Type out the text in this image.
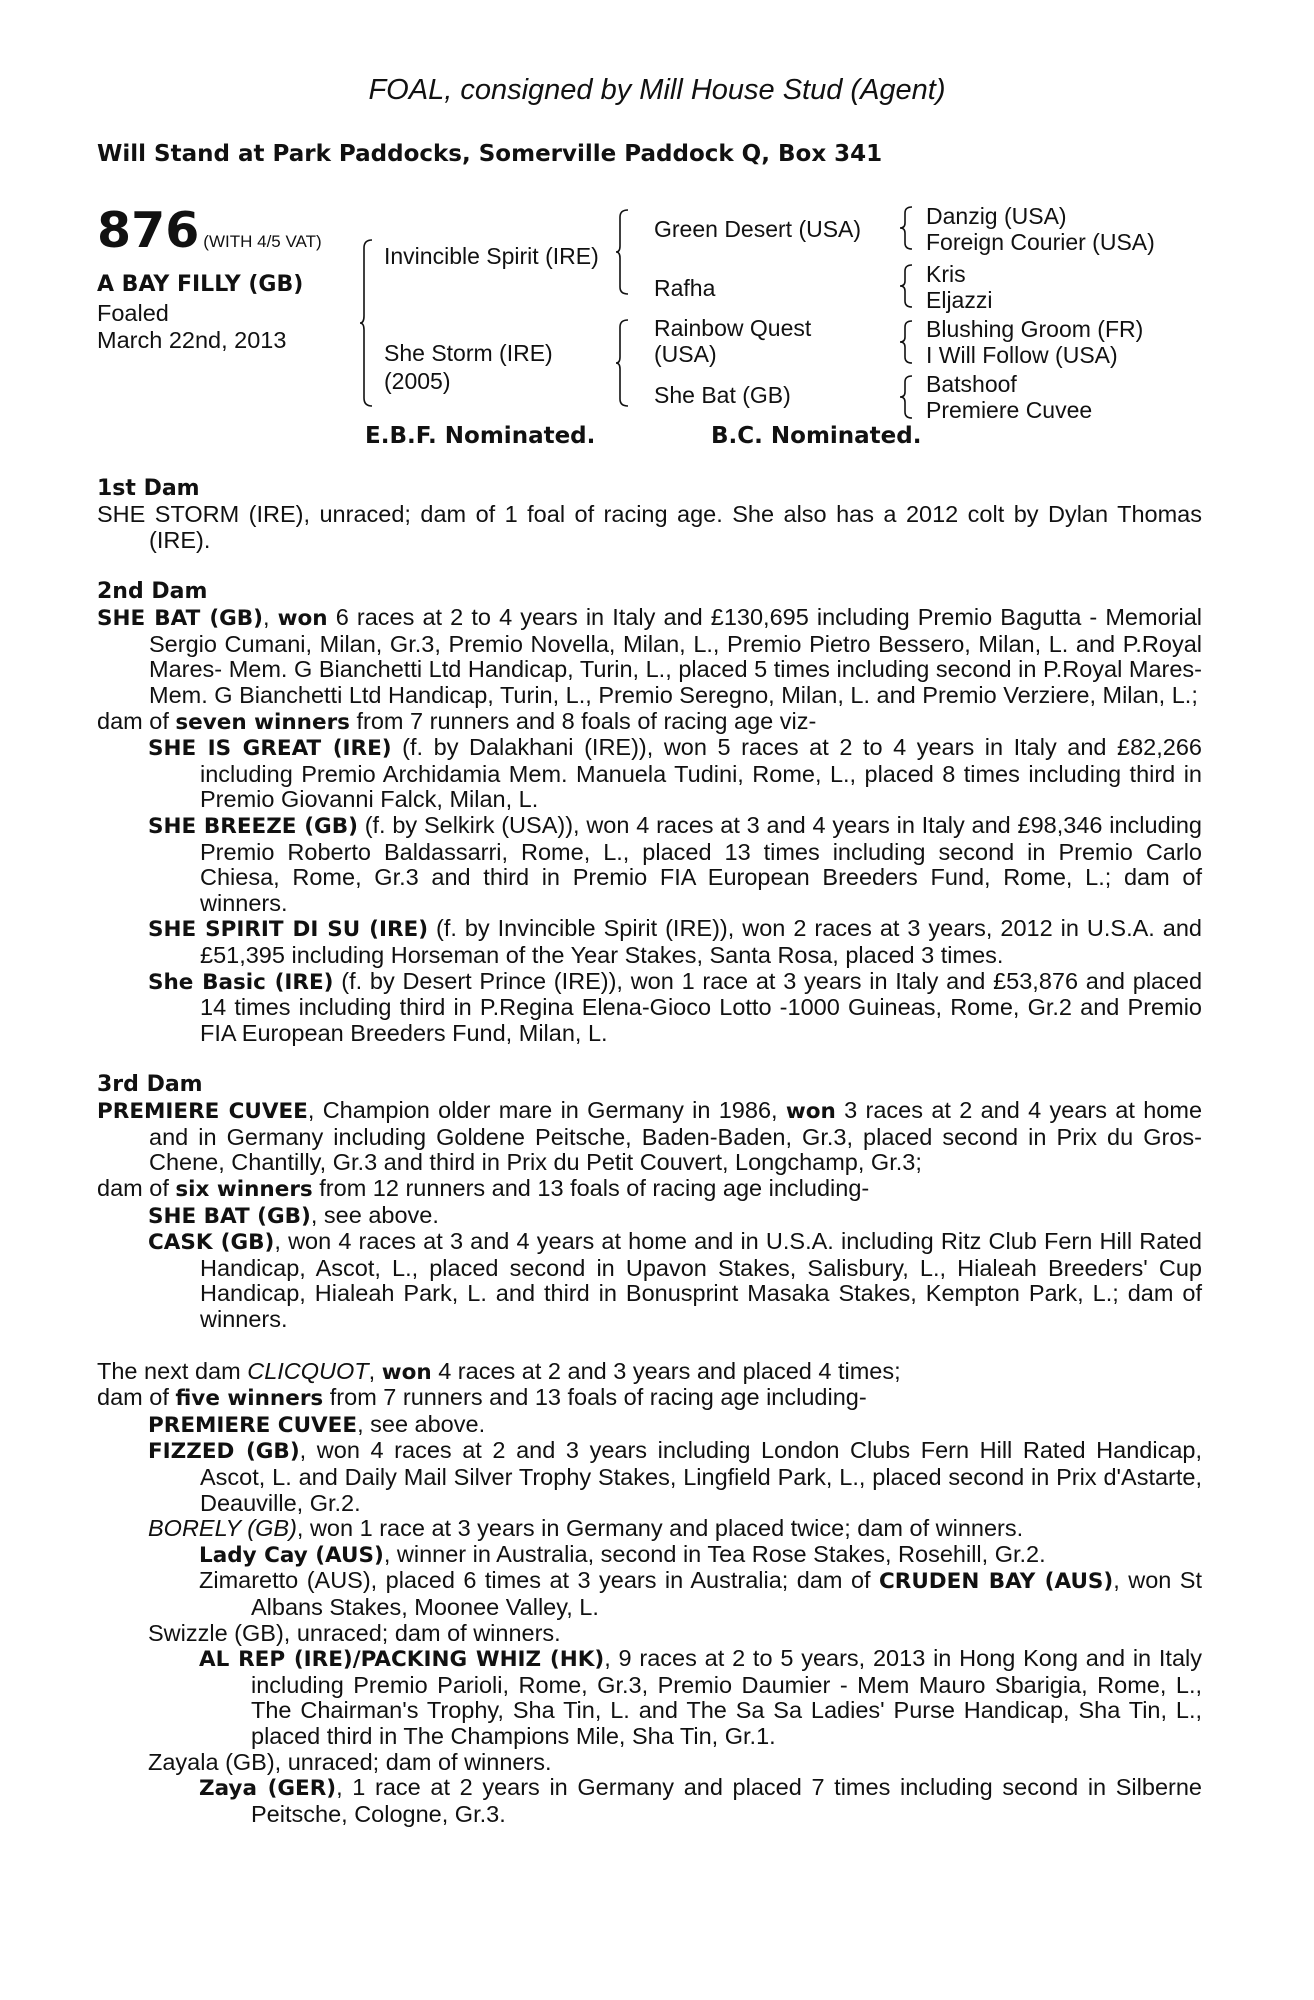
FOAL, consigned by Mill House Stud (Agent)
Will Stand at Park Paddocks, Somerville Paddock Q, Box 341
876 (WITH 4/5 VAT)
A BAY FILLY (GB)
Foaled
March 22nd, 2013
Invincible Spirit (IRE)
She Storm (IRE)
(2005)
Green Desert (USA)
Rafha
Rainbow Quest
(USA)
She Bat (GB)
Danzig (USA)
Foreign Courier (USA)
Kris
Eljazzi
Blushing Groom (FR)
I Will Follow (USA)
Batshoof
Premiere Cuvee
E.B.F. Nominated.	B.C. Nominated.
1st Dam

SHE STORM (IRE), unraced; dam of 1 foal of racing age. She also has a 2012 colt by Dylan Thomas (IRE).

2nd Dam

SHE BAT (GB), won 6 races at 2 to 4 years in Italy and £130,695 including Premio Bagutta - Memorial Sergio Cumani, Milan, Gr.3, Premio Novella, Milan, L., Premio Pietro Bessero, Milan, L. and P.Royal Mares- Mem. G Bianchetti Ltd Handicap, Turin, L., placed 5 times including second in P.Royal Mares- Mem. G Bianchetti Ltd Handicap, Turin, L., Premio Seregno, Milan, L. and Premio Verziere, Milan, L.;

dam of seven winners from 7 runners and 8 foals of racing age viz-

SHE IS GREAT (IRE) (f. by Dalakhani (IRE)), won 5 races at 2 to 4 years in Italy and £82,266 including Premio Archidamia Mem. Manuela Tudini, Rome, L., placed 8 times including third in Premio Giovanni Falck, Milan, L.

SHE BREEZE (GB) (f. by Selkirk (USA)), won 4 races at 3 and 4 years in Italy and £98,346 including Premio Roberto Baldassarri, Rome, L., placed 13 times including second in Premio Carlo Chiesa, Rome, Gr.3 and third in Premio FIA European Breeders Fund, Rome, L.; dam of winners.

SHE SPIRIT DI SU (IRE) (f. by Invincible Spirit (IRE)), won 2 races at 3 years, 2012 in U.S.A. and £51,395 including Horseman of the Year Stakes, Santa Rosa, placed 3 times.

She Basic (IRE) (f. by Desert Prince (IRE)), won 1 race at 3 years in Italy and £53,876 and placed 14 times including third in P.Regina Elena-Gioco Lotto -1000 Guineas, Rome, Gr.2 and Premio FIA European Breeders Fund, Milan, L.

3rd Dam

PREMIERE CUVEE, Champion older mare in Germany in 1986, won 3 races at 2 and 4 years at home and in Germany including Goldene Peitsche, Baden-Baden, Gr.3, placed second in Prix du Gros-Chene, Chantilly, Gr.3 and third in Prix du Petit Couvert, Longchamp, Gr.3;

dam of six winners from 12 runners and 13 foals of racing age including-

SHE BAT (GB), see above.

CASK (GB), won 4 races at 3 and 4 years at home and in U.S.A. including Ritz Club Fern Hill Rated Handicap, Ascot, L., placed second in Upavon Stakes, Salisbury, L., Hialeah Breeders' Cup Handicap, Hialeah Park, L. and third in Bonusprint Masaka Stakes, Kempton Park, L.; dam of winners.

The next dam CLICQUOT, won 4 races at 2 and 3 years and placed 4 times;

dam of five winners from 7 runners and 13 foals of racing age including-

PREMIERE CUVEE, see above.

FIZZED (GB), won 4 races at 2 and 3 years including London Clubs Fern Hill Rated Handicap, Ascot, L. and Daily Mail Silver Trophy Stakes, Lingfield Park, L., placed second in Prix d'Astarte, Deauville, Gr.2.

BORELY (GB), won 1 race at 3 years in Germany and placed twice; dam of winners.

Lady Cay (AUS), winner in Australia, second in Tea Rose Stakes, Rosehill, Gr.2.

Zimaretto (AUS), placed 6 times at 3 years in Australia; dam of CRUDEN BAY (AUS), won St Albans Stakes, Moonee Valley, L.

Swizzle (GB), unraced; dam of winners.

AL REP (IRE)/PACKING WHIZ (HK), 9 races at 2 to 5 years, 2013 in Hong Kong and in Italy including Premio Parioli, Rome, Gr.3, Premio Daumier - Mem Mauro Sbarigia, Rome, L., The Chairman's Trophy, Sha Tin, L. and The Sa Sa Ladies' Purse Handicap, Sha Tin, L., placed third in The Champions Mile, Sha Tin, Gr.1.

Zayala (GB), unraced; dam of winners.

Zaya (GER), 1 race at 2 years in Germany and placed 7 times including second in Silberne Peitsche, Cologne, Gr.3.
